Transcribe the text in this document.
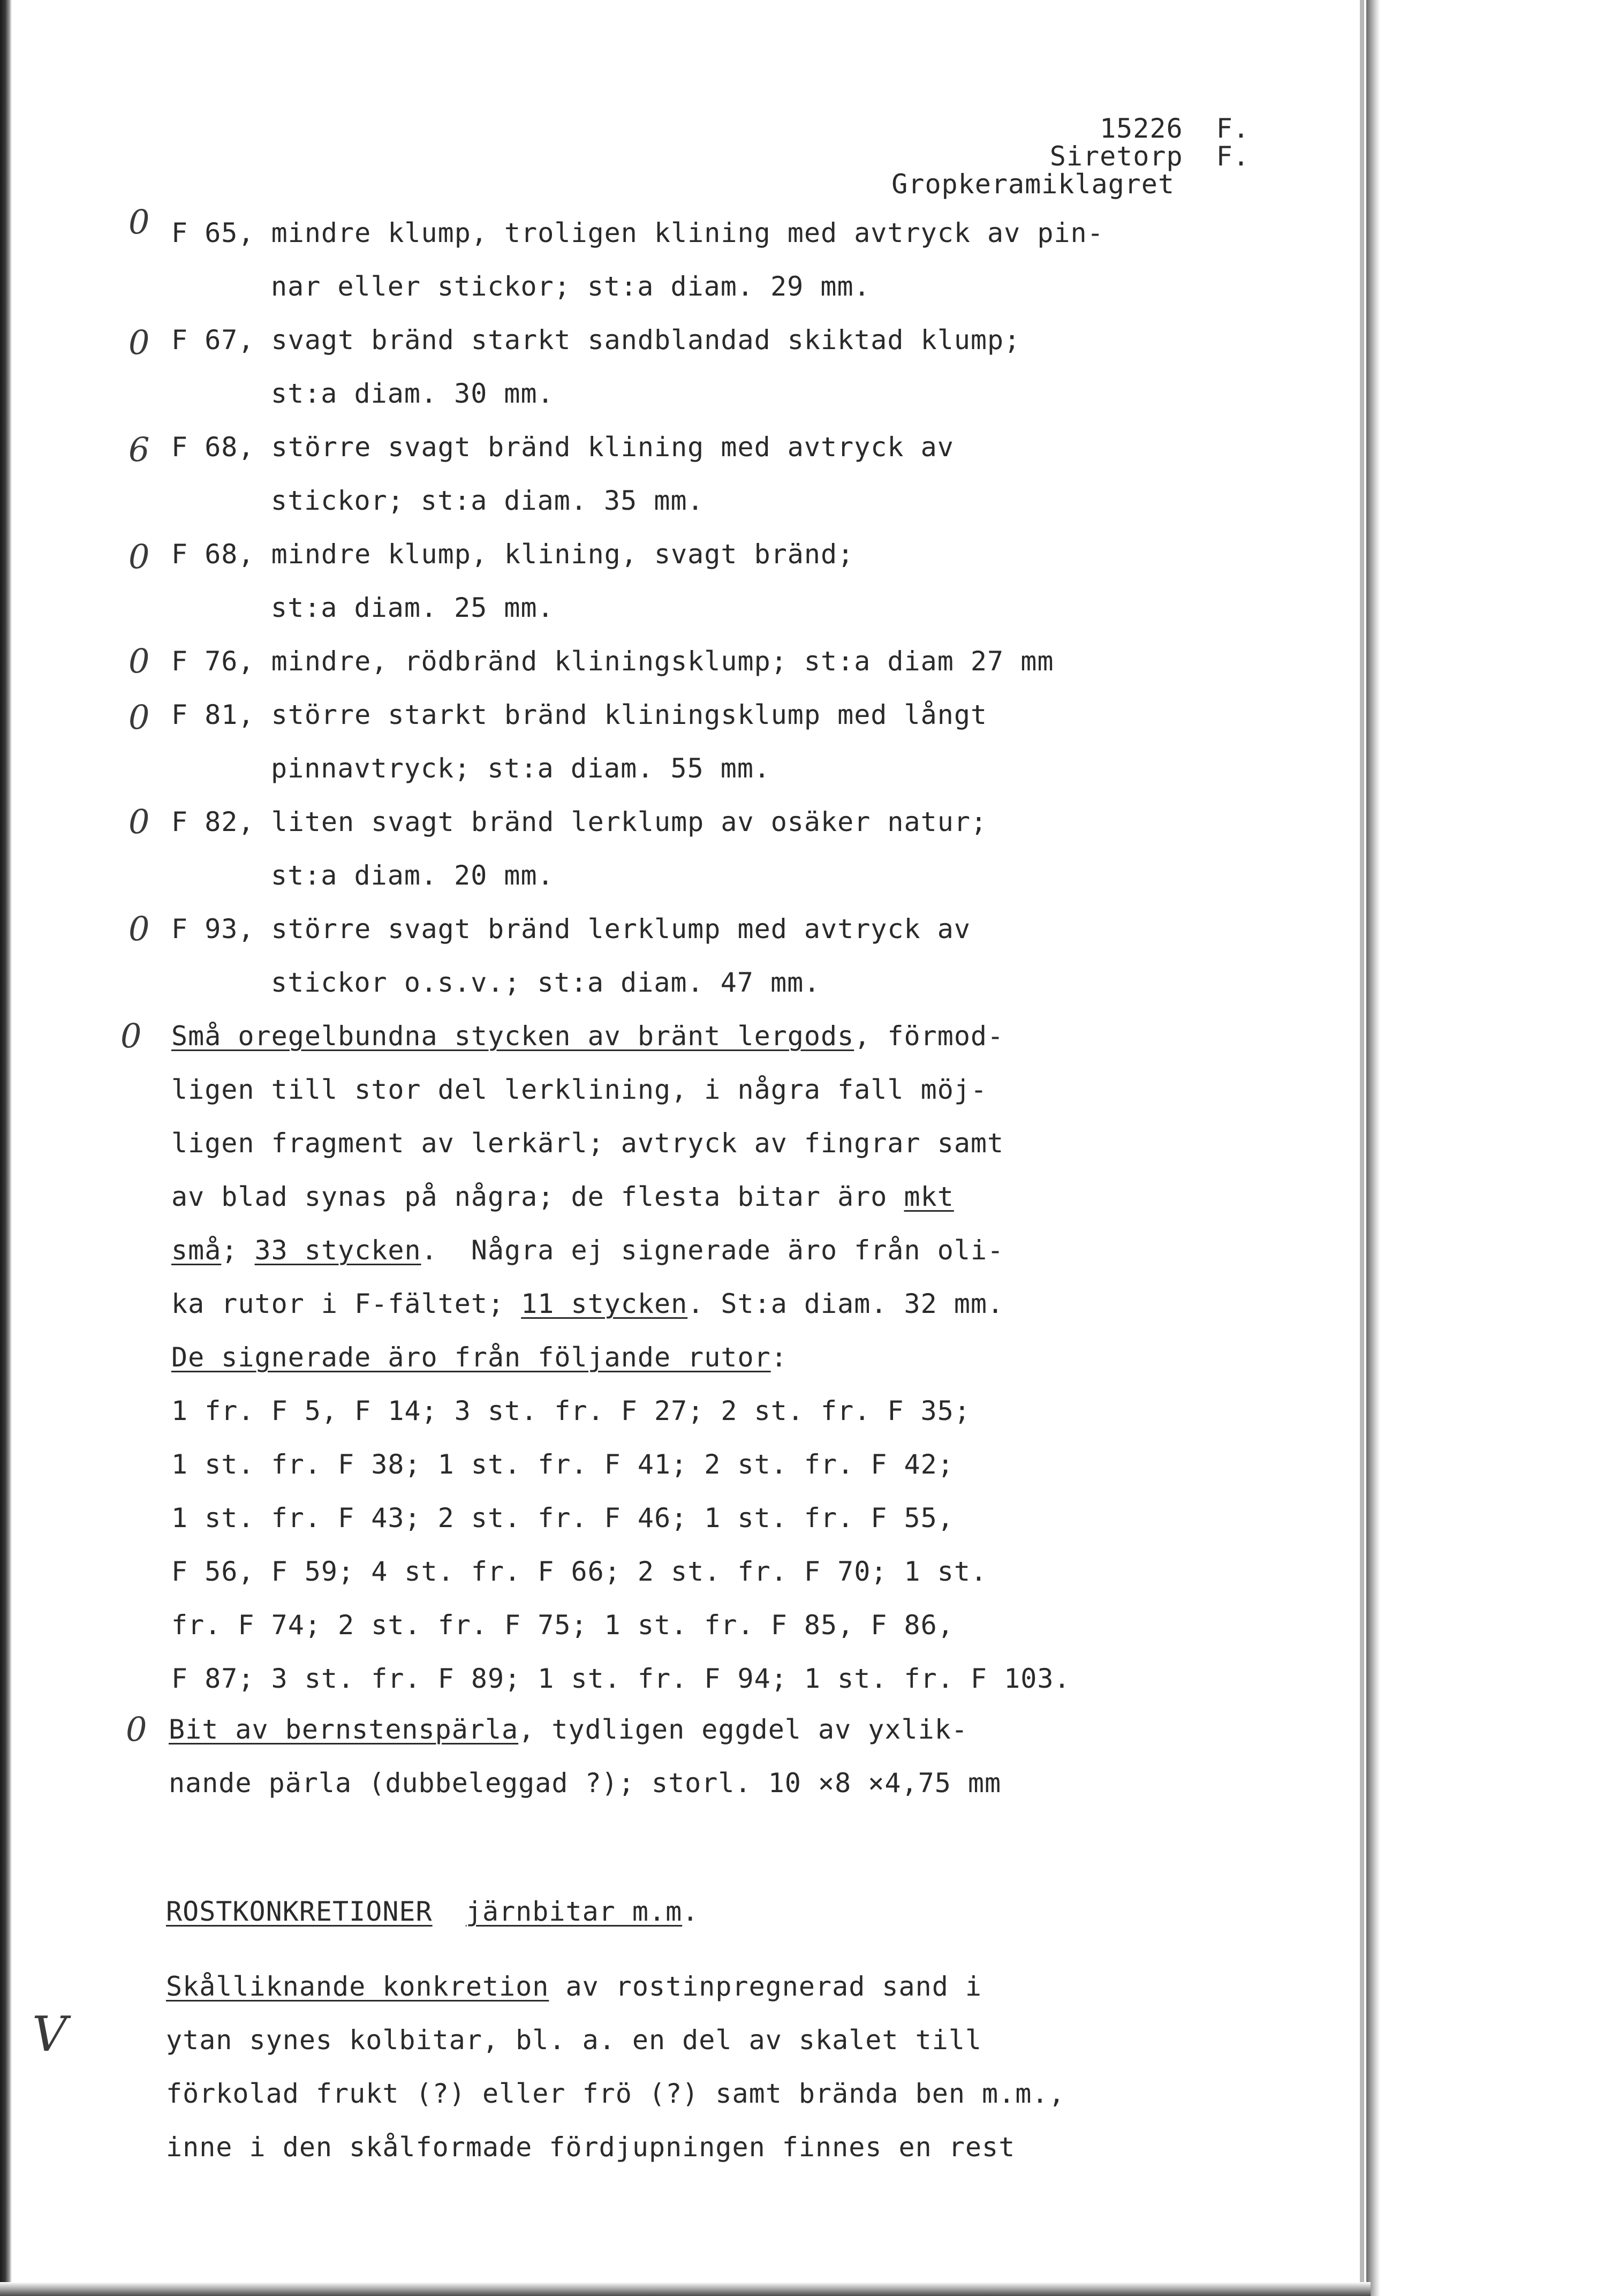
15226  F.
Siretorp  F.
Gropkeramiklagret
0 F 65, mindre klump, troligen klining med avtryck av pin-
nar eller stickor; st:a diam. 29 mm.
0 F 67, svagt bränd starkt sandblandad skiktad klump;
st:a diam. 30 mm.
6 F 68, större svagt bränd klining med avtryck av
stickor; st:a diam. 35 mm.
0 F 68, mindre klump, klining, svagt bränd;
st:a diam. 25 mm.
0 F 76, mindre, rödbränd kliningsklump; st:a diam 27 mm
0 F 81, större starkt bränd kliningsklump med långt
pinnavtryck; st:a diam. 55 mm.
0 F 82, liten svagt bränd lerklump av osäker natur;
st:a diam. 20 mm.
0 F 93, större svagt bränd lerklump med avtryck av
stickor o.s.v.; st:a diam. 47 mm.
0 Små oregelbundna stycken av bränt lergods, förmod-
ligen till stor del lerklining, i några fall möj-
ligen fragment av lerkärl; avtryck av fingrar samt
av blad synas på några; de flesta bitar äro mkt
små; 33 stycken.  Några ej signerade äro från oli-
ka rutor i F-fältet; 11 stycken. St:a diam. 32 mm.
De signerade äro från följande rutor:
1 fr. F 5, F 14; 3 st. fr. F 27; 2 st. fr. F 35;
1 st. fr. F 38; 1 st. fr. F 41; 2 st. fr. F 42;
1 st. fr. F 43; 2 st. fr. F 46; 1 st. fr. F 55,
F 56, F 59; 4 st. fr. F 66; 2 st. fr. F 70; 1 st.
fr. F 74; 2 st. fr. F 75; 1 st. fr. F 85, F 86,
F 87; 3 st. fr. F 89; 1 st. fr. F 94; 1 st. fr. F 103.
0 Bit av bernstenspärla, tydligen eggdel av yxlik-
nande pärla (dubbeleggad ?); storl. 10 ×8 ×4,75 mm
ROSTKONKRETIONER järnbitar m.m.
V
Skålliknande konkretion av rostinpregnerad sand i
ytan synes kolbitar, bl. a. en del av skalet till
förkolad frukt (?) eller frö (?) samt brända ben m.m.,
inne i den skålformade fördjupningen finnes en rest
